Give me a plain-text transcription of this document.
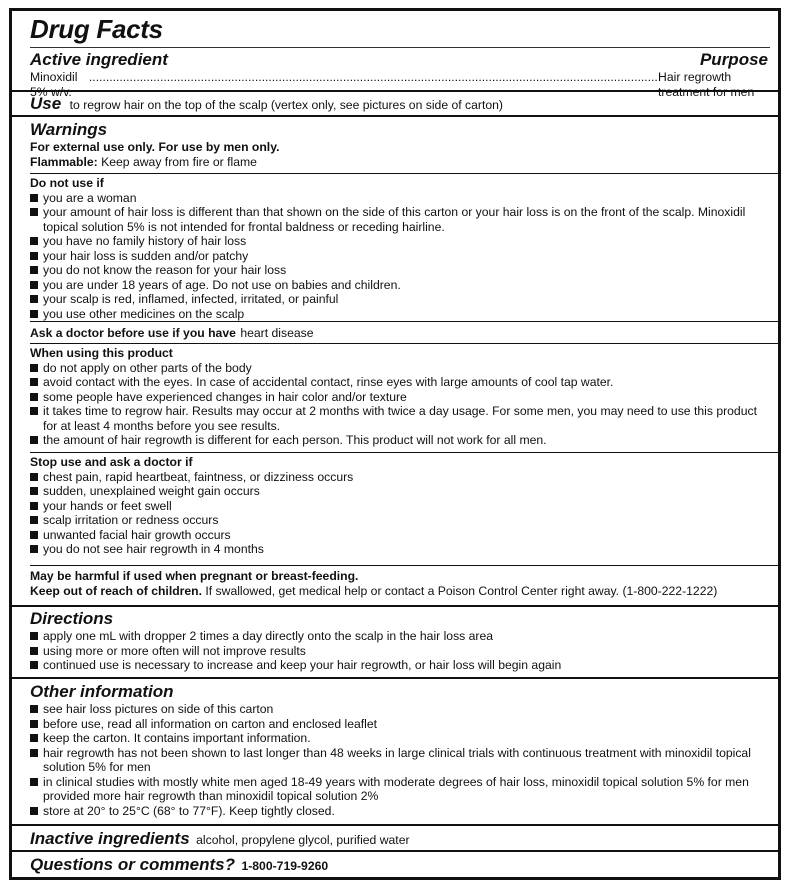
Drug Facts
Active ingredient	Purpose
Minoxidil 5% w/v.
.....
Hair regrowth treatment for men
Use to regrow hair on the top of the scalp (vertex only, see pictures on side of carton)
Warnings
For external use only. For use by men only.
Flammable: Keep away from fire or flame
Do not use if
you are a woman
your amount of hair loss is different than that shown on the side of this carton or your hair loss is on the front of the scalp. Minoxidil topical solution 5% is not intended for frontal baldness or receding hairline.
you have no family history of hair loss
your hair loss is sudden and/or patchy
you do not know the reason for your hair loss
you are under 18 years of age. Do not use on babies and children.
your scalp is red, inflamed, infected, irritated, or painful
you use other medicines on the scalp
Ask a doctor before use if you have heart disease
When using this product
do not apply on other parts of the body
avoid contact with the eyes. In case of accidental contact, rinse eyes with large amounts of cool tap water.
some people have experienced changes in hair color and/or texture
it takes time to regrow hair. Results may occur at 2 months with twice a day usage. For some men, you may need to use this product for at least 4 months before you see results.
the amount of hair regrowth is different for each person. This product will not work for all men.
Stop use and ask a doctor if
chest pain, rapid heartbeat, faintness, or dizziness occurs
sudden, unexplained weight gain occurs
your hands or feet swell
scalp irritation or redness occurs
unwanted facial hair growth occurs
you do not see hair regrowth in 4 months
May be harmful if used when pregnant or breast-feeding.
Keep out of reach of children. If swallowed, get medical help or contact a Poison Control Center right away. (1-800-222-1222)
Directions
apply one mL with dropper 2 times a day directly onto the scalp in the hair loss area
using more or more often will not improve results
continued use is necessary to increase and keep your hair regrowth, or hair loss will begin again
Other information
see hair loss pictures on side of this carton
before use, read all information on carton and enclosed leaflet
keep the carton. It contains important information.
hair regrowth has not been shown to last longer than 48 weeks in large clinical trials with continuous treatment with minoxidil topical solution 5% for men
in clinical studies with mostly white men aged 18-49 years with moderate degrees of hair loss, minoxidil topical solution 5% for men provided more hair regrowth than minoxidil topical solution 2%
store at 20° to 25°C (68° to 77°F). Keep tightly closed.
Inactive ingredients alcohol, propylene glycol, purified water
Questions or comments? 1-800-719-9260
